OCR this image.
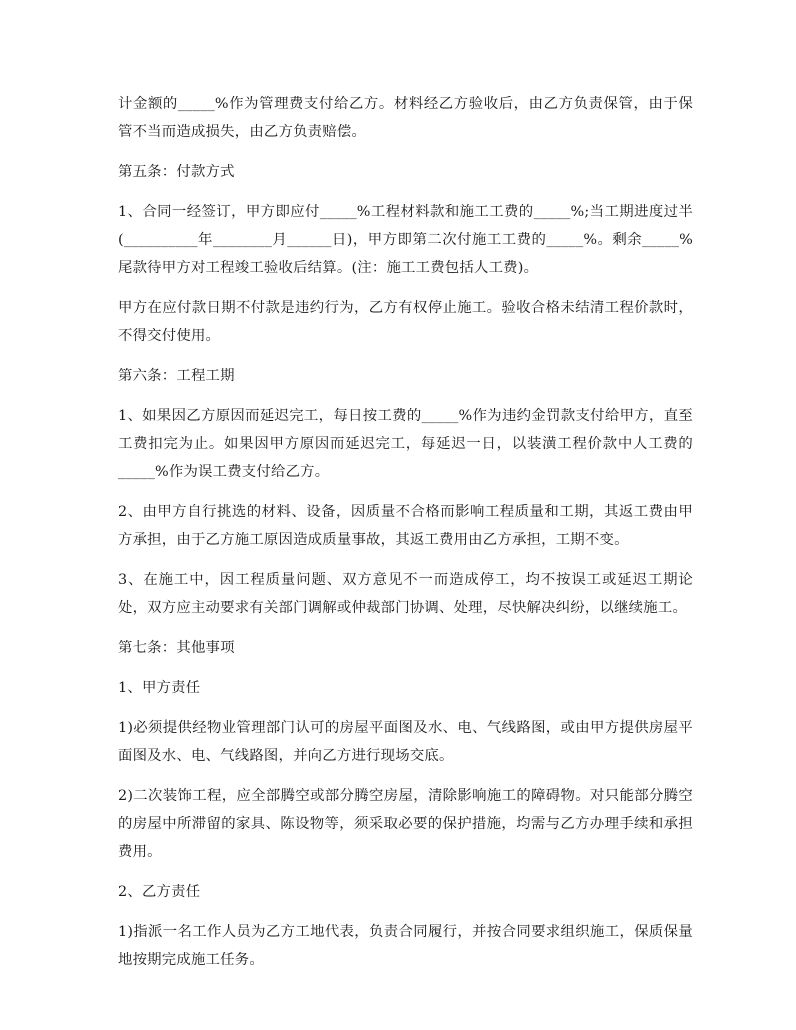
计金额的_____%作为管理费支付给乙方。材料经乙方验收后，由乙方负责保管，由于保管不当而造成损失，由乙方负责赔偿。

第五条：付款方式

1、合同一经签订，甲方即应付_____%工程材料款和施工工费的_____%;当工期进度过半(__________年________月______日)，甲方即第二次付施工工费的_____%。剩余_____%尾款待甲方对工程竣工验收后结算。(注：施工工费包括人工费)。

甲方在应付款日期不付款是违约行为，乙方有权停止施工。验收合格未结清工程价款时，不得交付使用。

第六条：工程工期

1、如果因乙方原因而延迟完工，每日按工费的_____%作为违约金罚款支付给甲方，直至工费扣完为止。如果因甲方原因而延迟完工，每延迟一日，以装潢工程价款中人工费的_____%作为误工费支付给乙方。

2、由甲方自行挑选的材料、设备，因质量不合格而影响工程质量和工期，其返工费由甲方承担，由于乙方施工原因造成质量事故，其返工费用由乙方承担，工期不变。

3、在施工中，因工程质量问题、双方意见不一而造成停工，均不按误工或延迟工期论处，双方应主动要求有关部门调解或仲裁部门协调、处理，尽快解决纠纷，以继续施工。

第七条：其他事项

1、甲方责任

1)必须提供经物业管理部门认可的房屋平面图及水、电、气线路图，或由甲方提供房屋平面图及水、电、气线路图，并向乙方进行现场交底。

2)二次装饰工程，应全部腾空或部分腾空房屋，清除影响施工的障碍物。对只能部分腾空的房屋中所滞留的家具、陈设物等，须采取必要的保护措施，均需与乙方办理手续和承担费用。

2、乙方责任

1)指派一名工作人员为乙方工地代表，负责合同履行，并按合同要求组织施工，保质保量地按期完成施工任务。
